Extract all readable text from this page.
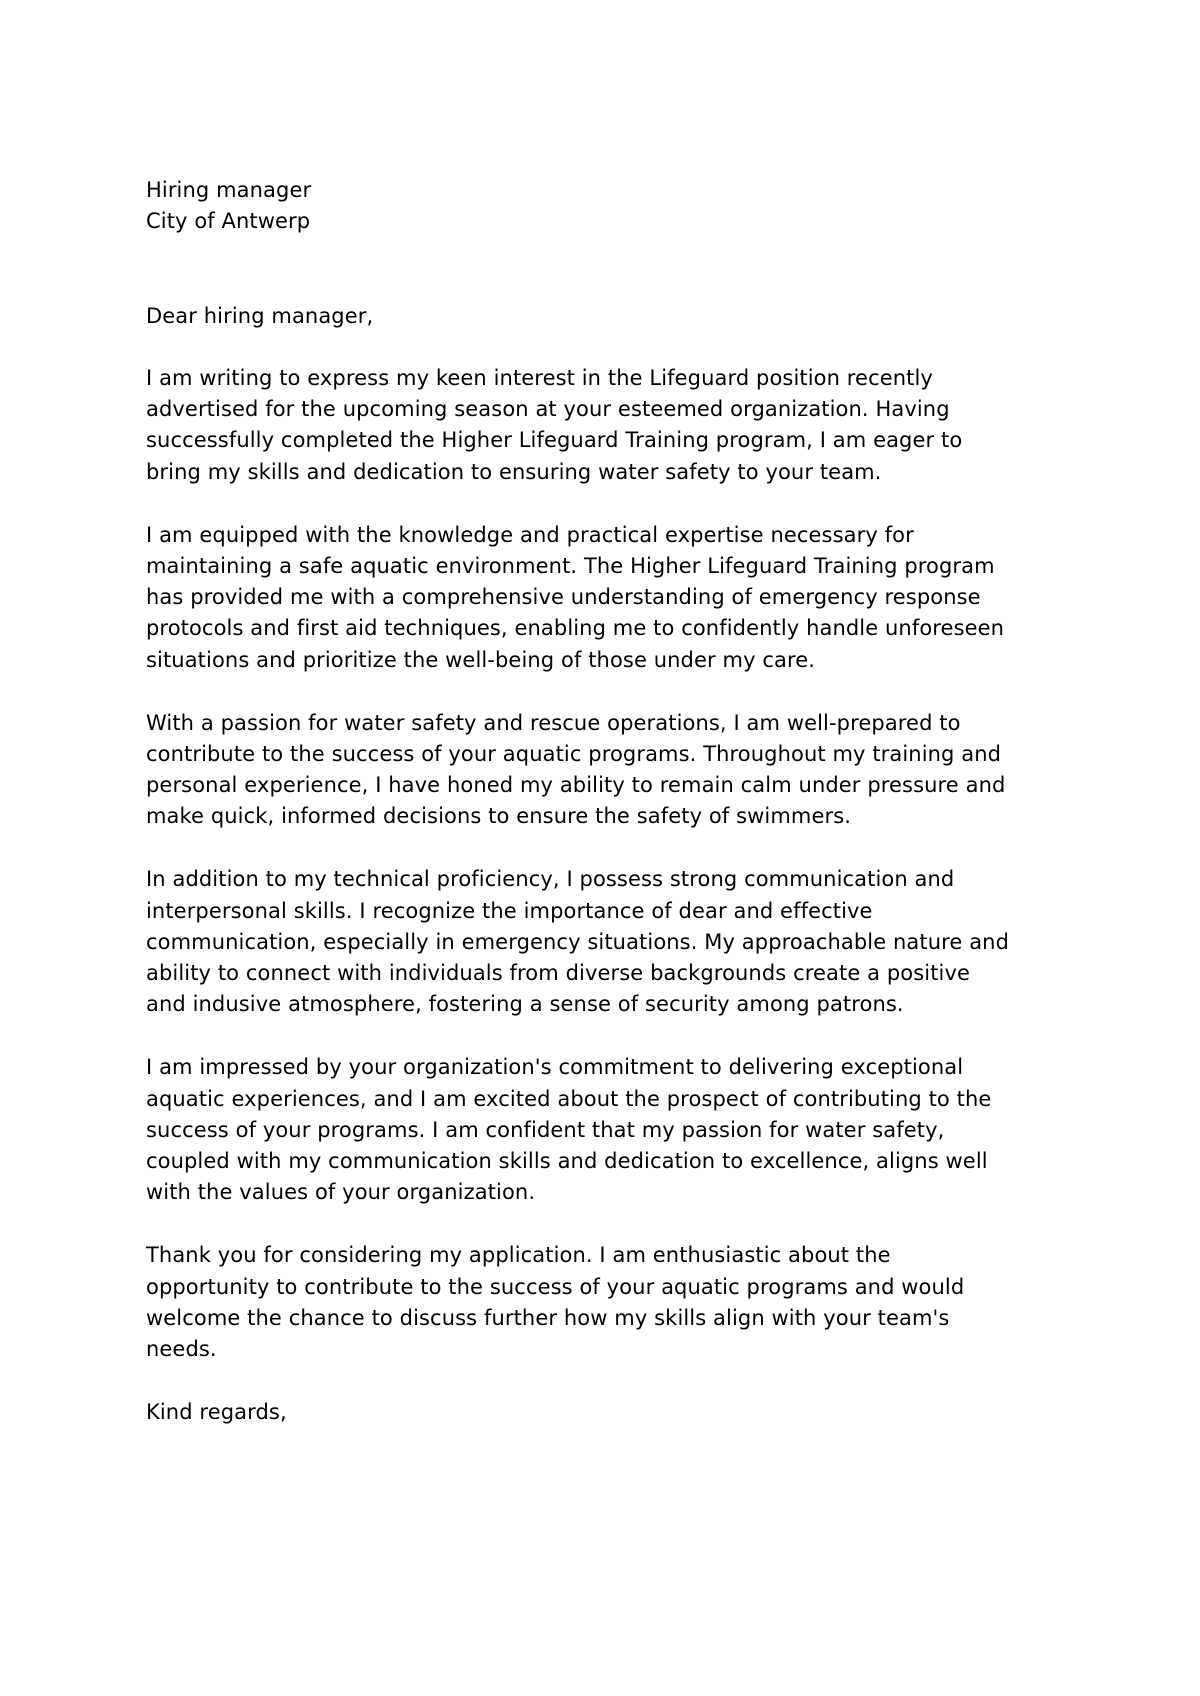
Hiring manager
City of Antwerp
Dear hiring manager,
I am writing to express my keen interest in the Lifeguard position recently
advertised for the upcoming season at your esteemed organization. Having
successfully completed the Higher Lifeguard Training program, I am eager to
bring my skills and dedication to ensuring water safety to your team.
I am equipped with the knowledge and practical expertise necessary for
maintaining a safe aquatic environment. The Higher Lifeguard Training program
has provided me with a comprehensive understanding of emergency response
protocols and first aid techniques, enabling me to confidently handle unforeseen
situations and prioritize the well-being of those under my care.
With a passion for water safety and rescue operations, I am well-prepared to
contribute to the success of your aquatic programs. Throughout my training and
personal experience, I have honed my ability to remain calm under pressure and
make quick, informed decisions to ensure the safety of swimmers.
In addition to my technical proficiency, I possess strong communication and
interpersonal skills. I recognize the importance of dear and effective
communication, especially in emergency situations. My approachable nature and
ability to connect with individuals from diverse backgrounds create a positive
and indusive atmosphere, fostering a sense of security among patrons.
I am impressed by your organization's commitment to delivering exceptional
aquatic experiences, and I am excited about the prospect of contributing to the
success of your programs. I am confident that my passion for water safety,
coupled with my communication skills and dedication to excellence, aligns well
with the values of your organization.
Thank you for considering my application. I am enthusiastic about the
opportunity to contribute to the success of your aquatic programs and would
welcome the chance to discuss further how my skills align with your team's
needs.
Kind regards,
